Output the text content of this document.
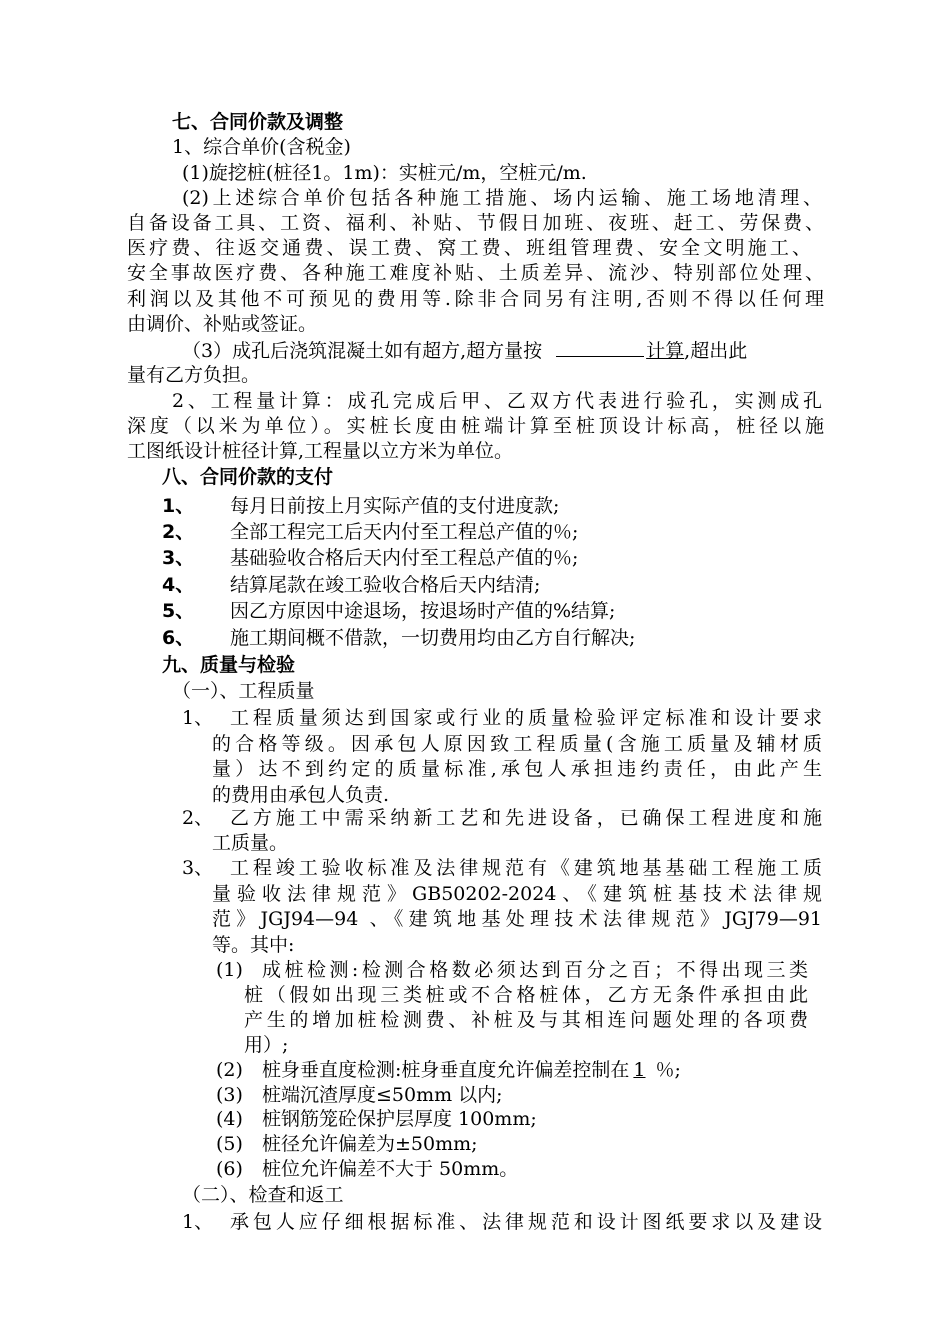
七、合同价款及调整
1、综合单价(含税金)
(1)旋挖桩(桩径1。1m)：实桩元/m，空桩元/m.
(2)上述综合单价包括各种施工措施、场内运输、施工场地清理、
自备设备工具、工资、福利、补贴、节假日加班、夜班、赶工、劳保费、
医疗费、往返交通费、误工费、窝工费、班组管理费、安全文明施工、
安全事故医疗费、各种施工难度补贴、土质差异、流沙、特别部位处理、
利润以及其他不可预见的费用等.除非合同另有注明,否则不得以任何理
由调价、补贴或签证。
（3）成孔后浇筑混凝土如有超方,超方量按	计算,超出此
量有乙方负担。
2、工程量计算：成孔完成后甲、乙双方代表进行验孔，实测成孔
深度（以米为单位）。实桩长度由桩端计算至桩顶设计标高，桩径以施
工图纸设计桩径计算,工程量以立方米为单位。
八、合同价款的支付
1、 每月日前按上月实际产值的支付进度款;
2、 全部工程完工后天内付至工程总产值的％;
3、 基础验收合格后天内付至工程总产值的％;
4、 结算尾款在竣工验收合格后天内结清;
5、 因乙方原因中途退场，按退场时产值的%结算;
6、 施工期间概不借款，一切费用均由乙方自行解决;
九、质量与检验
（一）、工程质量
1、 工程质量须达到国家或行业的质量检验评定标准和设计要求
的合格等级。因承包人原因致工程质量(含施工质量及辅材质
量）达不到约定的质量标准,承包人承担违约责任，由此产生
的费用由承包人负责.
2、 乙方施工中需采纳新工艺和先进设备，已确保工程进度和施
工质量。
3、 工程竣工验收标准及法律规范有《建筑地基基础工程施工质
量验收法律规范》GB50202-2024、《建筑桩基技术法律规
范》JGJ94—94 、《建筑地基处理技术法律规范》JGJ79—91
等。其中:
(1) 成桩检测:检测合格数必须达到百分之百；不得出现三类
桩（假如出现三类桩或不合格桩体，乙方无条件承担由此
产生的增加桩检测费、补桩及与其相连问题处理的各项费
用）;
(2) 桩身垂直度检测:桩身垂直度允许偏差控制在 1 ％;
(3) 桩端沉渣厚度≤50mm 以内;
(4) 桩钢筋笼砼保护层厚度 100mm;
(5) 桩径允许偏差为±50mm;
(6) 桩位允许偏差不大于 50mm。
（二）、检查和返工
1、 承包人应仔细根据标准、法律规范和设计图纸要求以及建设
